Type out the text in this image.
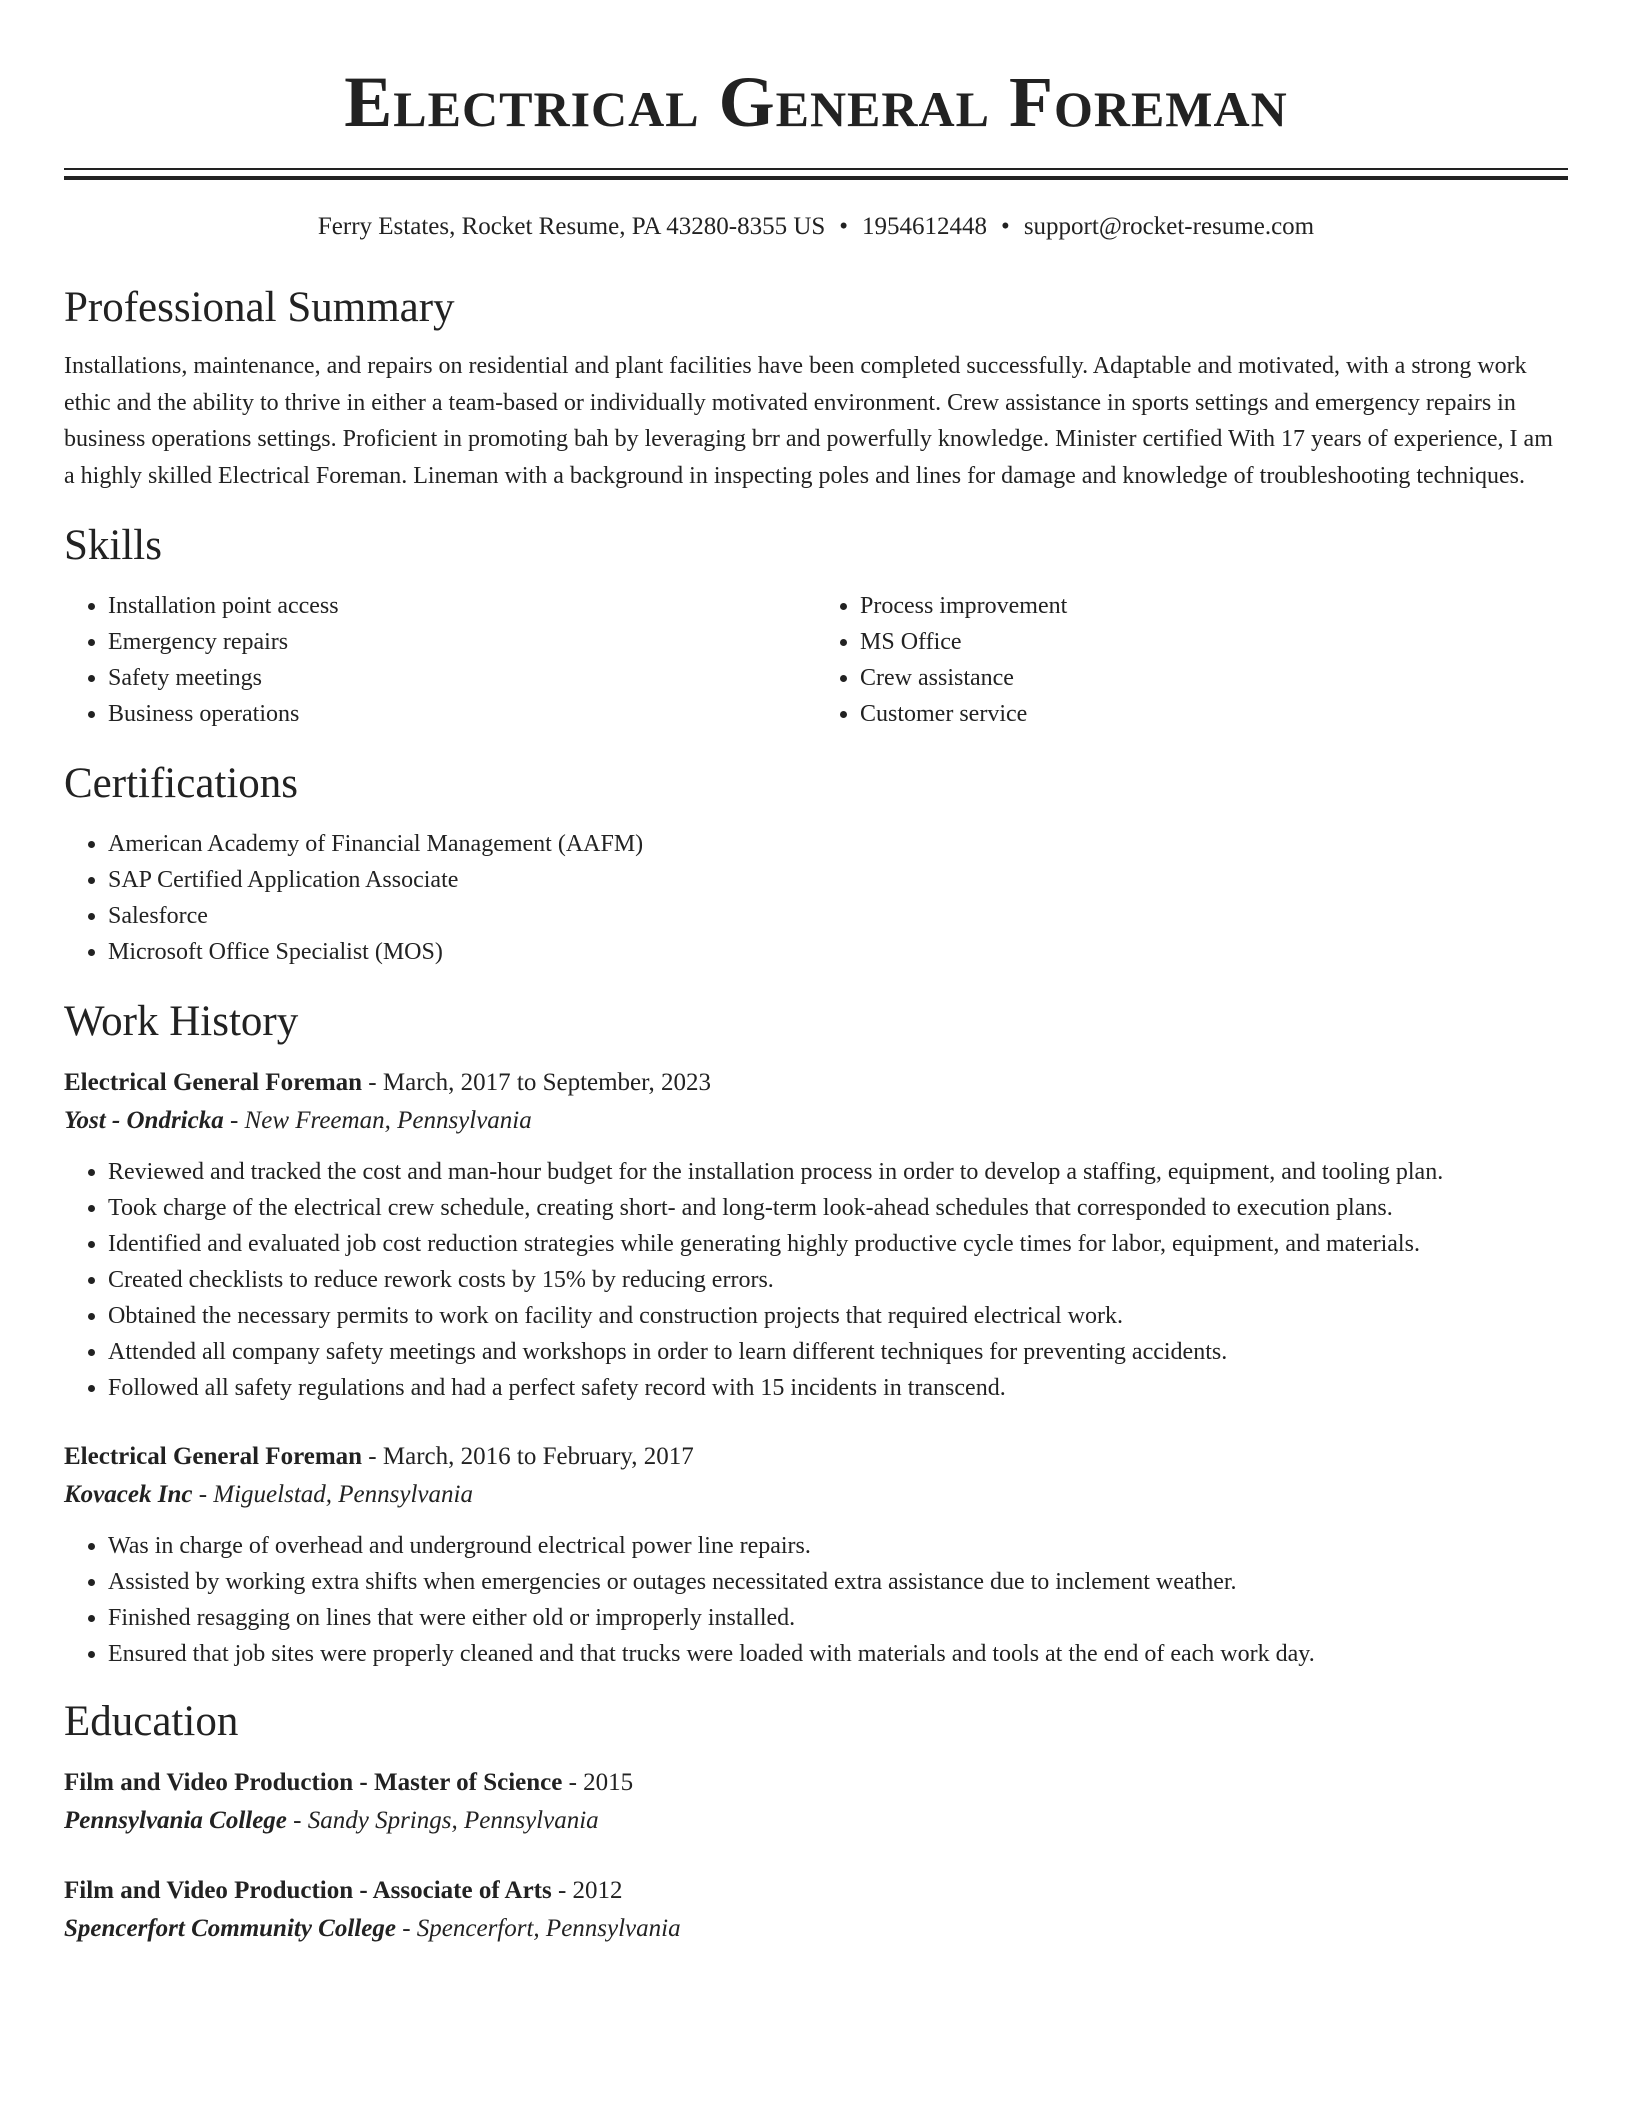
Electrical General Foreman
Ferry Estates, Rocket Resume, PA 43280-8355 US • 1954612448 • support@rocket-resume.com
Professional Summary

Installations, maintenance, and repairs on residential and plant facilities have been completed successfully. Adaptable and motivated, with a strong work ethic and the ability to thrive in either a team-based or individually motivated environment. Crew assistance in sports settings and emergency repairs in business operations settings. Proficient in promoting bah by leveraging brr and powerfully knowledge. Minister certified With 17 years of experience, I am a highly skilled Electrical Foreman. Lineman with a background in inspecting poles and lines for damage and knowledge of troubleshooting techniques.

Skills
• Installation point access
• Emergency repairs
• Safety meetings
• Business operations
• Process improvement
• MS Office
• Crew assistance
• Customer service
Certifications
• American Academy of Financial Management (AAFM)
• SAP Certified Application Associate
• Salesforce
• Microsoft Office Specialist (MOS)
Work History
Electrical General Foreman - March, 2017 to September, 2023
Yost - Ondricka - New Freeman, Pennsylvania
• Reviewed and tracked the cost and man-hour budget for the installation process in order to develop a staffing, equipment, and tooling plan.
• Took charge of the electrical crew schedule, creating short- and long-term look-ahead schedules that corresponded to execution plans.
• Identified and evaluated job cost reduction strategies while generating highly productive cycle times for labor, equipment, and materials.
• Created checklists to reduce rework costs by 15% by reducing errors.
• Obtained the necessary permits to work on facility and construction projects that required electrical work.
• Attended all company safety meetings and workshops in order to learn different techniques for preventing accidents.
• Followed all safety regulations and had a perfect safety record with 15 incidents in transcend.
Electrical General Foreman - March, 2016 to February, 2017
Kovacek Inc - Miguelstad, Pennsylvania
• Was in charge of overhead and underground electrical power line repairs.
• Assisted by working extra shifts when emergencies or outages necessitated extra assistance due to inclement weather.
• Finished resagging on lines that were either old or improperly installed.
• Ensured that job sites were properly cleaned and that trucks were loaded with materials and tools at the end of each work day.
Education
Film and Video Production - Master of Science - 2015
Pennsylvania College - Sandy Springs, Pennsylvania
Film and Video Production - Associate of Arts - 2012
Spencerfort Community College - Spencerfort, Pennsylvania
